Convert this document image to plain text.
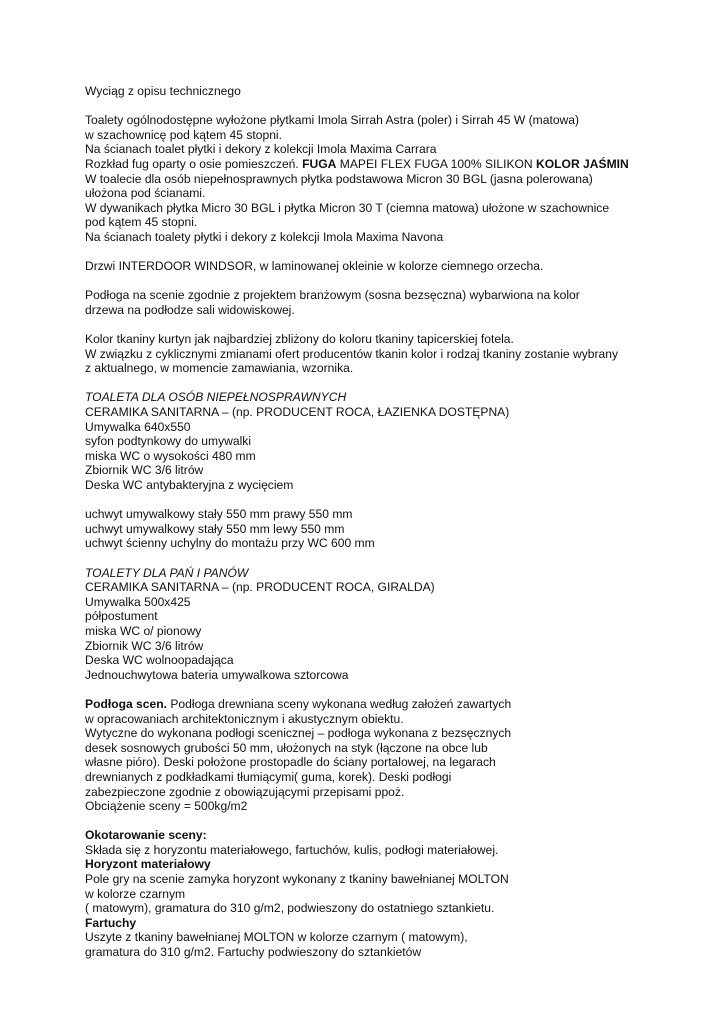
Wyciąg z opisu technicznego
Toalety ogólnodostępne wyłożone płytkami Imola Sirrah Astra (poler) i Sirrah 45 W (matowa)
w szachownicę pod kątem 45 stopni.
Na ścianach toalet płytki i dekory z kolekcji Imola Maxima Carrara
Rozkład fug oparty o osie pomieszczeń. FUGA MAPEI FLEX FUGA 100% SILIKON KOLOR JAŚMIN
W toalecie dla osób niepełnosprawnych płytka podstawowa Micron 30 BGL (jasna polerowana)
ułożona pod ścianami.
W dywanikach płytka Micro 30 BGL i płytka Micron 30 T (ciemna matowa) ułożone w szachownice
pod kątem 45 stopni.
Na ścianach toalety płytki i dekory z kolekcji Imola Maxima Navona
Drzwi INTERDOOR WINDSOR, w laminowanej okleinie w kolorze ciemnego orzecha.
Podłoga na scenie zgodnie z projektem branżowym (sosna bezsęczna) wybarwiona na kolor
drzewa na podłodze sali widowiskowej.
Kolor tkaniny kurtyn jak najbardziej zbliżony do koloru tkaniny tapicerskiej fotela.
W związku z cyklicznymi zmianami ofert producentów tkanin kolor i rodzaj tkaniny zostanie wybrany
z aktualnego, w momencie zamawiania, wzornika.
TOALETA DLA OSÓB NIEPEŁNOSPRAWNYCH
CERAMIKA SANITARNA – (np. PRODUCENT ROCA, ŁAZIENKA DOSTĘPNA)
Umywalka 640x550
syfon podtynkowy do umywalki
miska WC o wysokości 480 mm
Zbiornik WC 3/6 litrów
Deska WC antybakteryjna z wycięciem
uchwyt umywalkowy stały 550 mm prawy 550 mm
uchwyt umywalkowy stały 550 mm lewy 550 mm
uchwyt ścienny uchylny do montażu przy WC 600 mm
TOALETY DLA PAŃ I PANÓW
CERAMIKA SANITARNA – (np. PRODUCENT ROCA, GIRALDA)
Umywalka 500x425
półpostument
miska WC o/ pionowy
Zbiornik WC 3/6 litrów
Deska WC wolnoopadająca
Jednouchwytowa bateria umywalkowa sztorcowa
Podłoga scen. Podłoga drewniana sceny wykonana według założeń zawartych
w opracowaniach architektonicznym i akustycznym obiektu.
Wytyczne do wykonana podłogi scenicznej – podłoga wykonana z bezsęcznych
desek sosnowych grubości 50 mm, ułożonych na styk (łączone na obce lub
własne pióro). Deski położone prostopadle do ściany portalowej, na legarach
drewnianych z podkładkami tłumiącymi( guma, korek). Deski podłogi
zabezpieczone zgodnie z obowiązującymi przepisami ppoż.
Obciążenie sceny = 500kg/m2
Okotarowanie sceny:
Składa się z horyzontu materiałowego, fartuchów, kulis, podłogi materiałowej.
Horyzont materiałowy
Pole gry na scenie zamyka horyzont wykonany z tkaniny bawełnianej MOLTON
w kolorze czarnym
( matowym), gramatura do 310 g/m2, podwieszony do ostatniego sztankietu.
Fartuchy
Uszyte z tkaniny bawełnianej MOLTON w kolorze czarnym ( matowym),
gramatura do 310 g/m2. Fartuchy podwieszony do sztankietów
